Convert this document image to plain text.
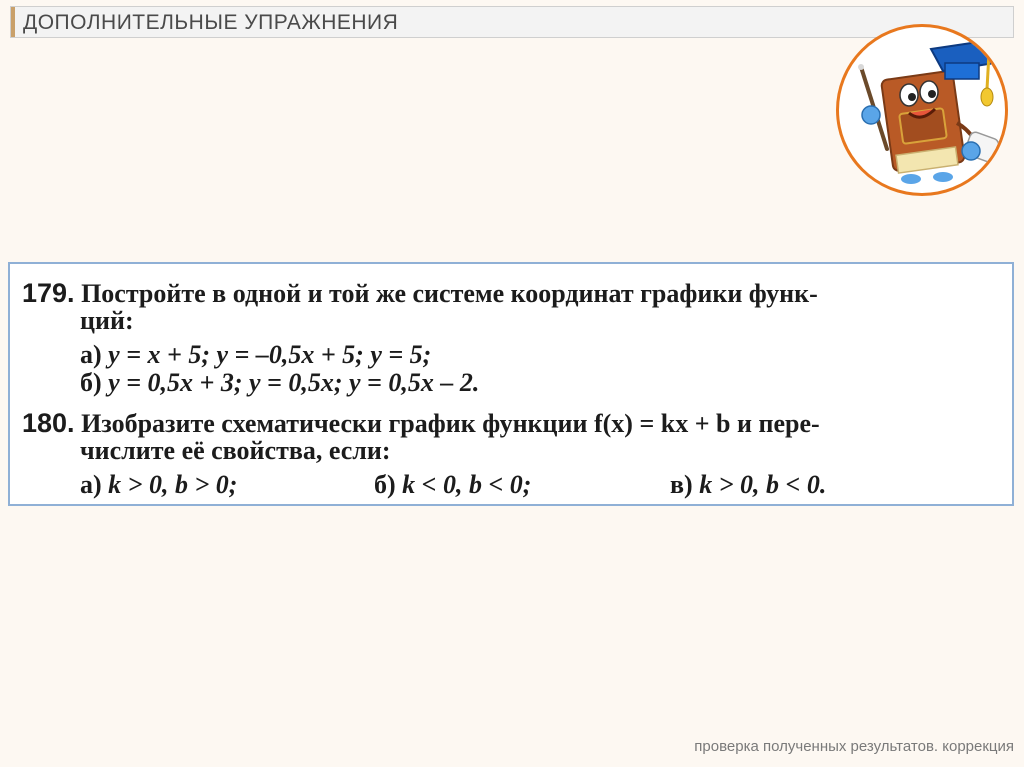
ДОПОЛНИТЕЛЬНЫЕ УПРАЖНЕНИЯ
179. Постройте в одной и той же системе координат графики функ-
ций:
а) y = x + 5; y = –0,5x + 5; y = 5;
б) y = 0,5x + 3; y = 0,5x; y = 0,5x – 2.
180. Изобразите схематически график функции f(x) = kx + b и пере-
числите её свойства, если:
а) k > 0, b > 0;	б) k < 0, b < 0;	в) k > 0, b < 0.
проверка полученных результатов. коррекция
